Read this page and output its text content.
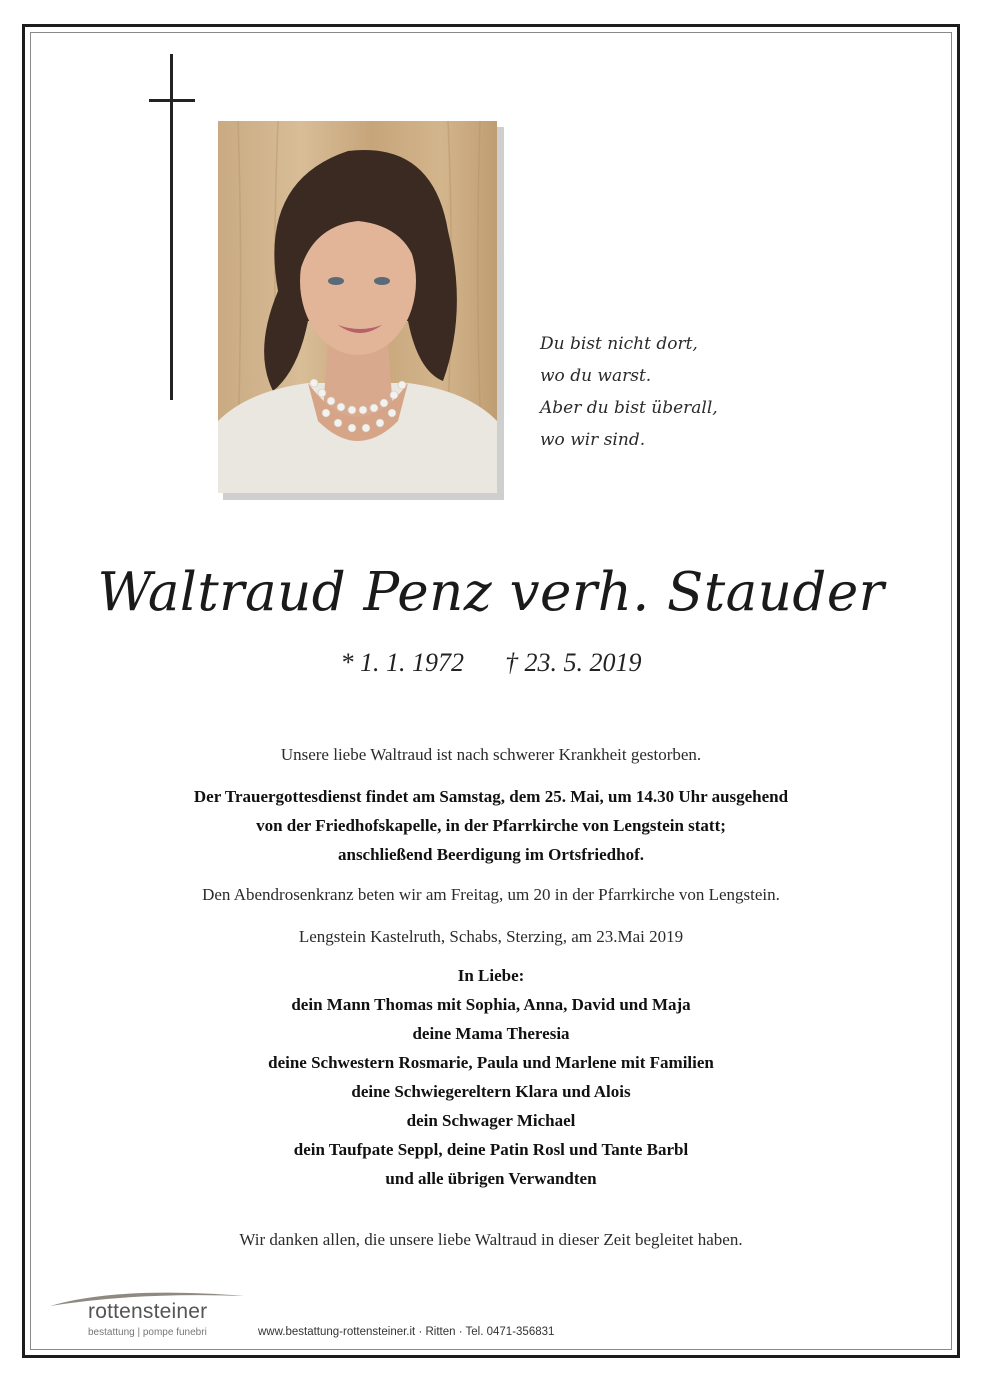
Du bist nicht dort,
wo du warst.
Aber du bist überall,
wo wir sind.
Waltraud Penz verh. Stauder
* 1. 1. 1972 † 23. 5. 2019
Unsere liebe Waltraud ist nach schwerer Krankheit gestorben.
Der Trauergottesdienst findet am Samstag, dem 25. Mai, um 14.30 Uhr ausgehend
von der Friedhofskapelle, in der Pfarrkirche von Lengstein statt;
anschließend Beerdigung im Ortsfriedhof.
Den Abendrosenkranz beten wir am Freitag, um 20 in der Pfarrkirche von Lengstein.
Lengstein Kastelruth, Schabs, Sterzing, am 23.Mai 2019
In Liebe:
dein Mann Thomas mit Sophia, Anna, David und Maja
deine Mama Theresia
deine Schwestern Rosmarie, Paula und Marlene mit Familien
deine Schwiegereltern Klara und Alois
dein Schwager Michael
dein Taufpate Seppl, deine Patin Rosl und Tante Barbl
und alle übrigen Verwandten
Wir danken allen, die unsere liebe Waltraud in dieser Zeit begleitet haben.
rottensteiner
bestattung | pompe funebri	www.bestattung-rottensteiner.it · Ritten · Tel. 0471-356831
